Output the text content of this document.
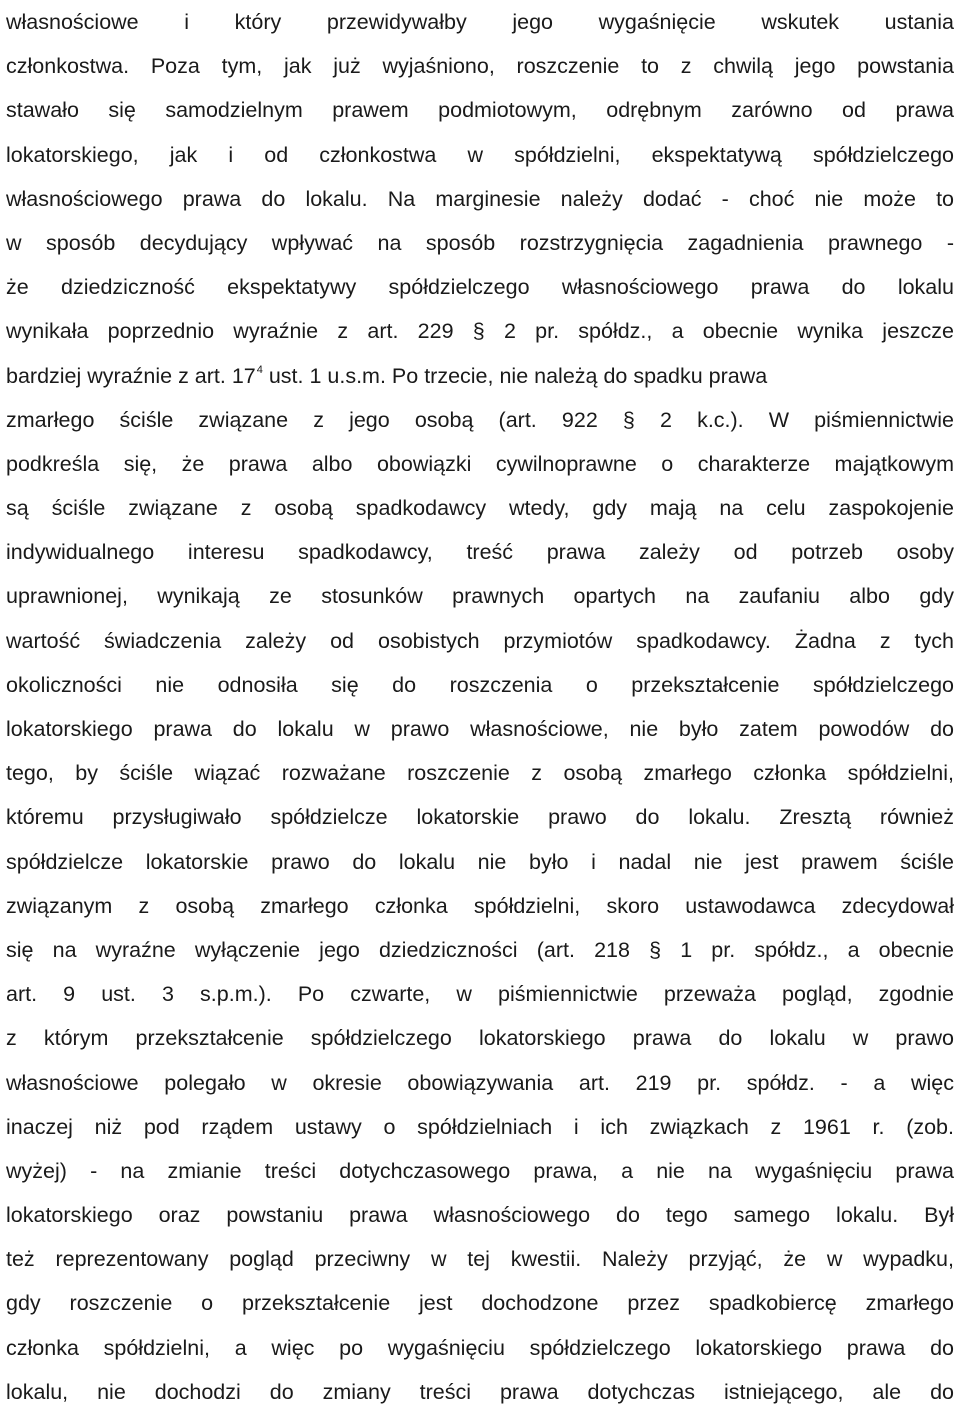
własnościowe i który przewidywałby jego wygaśnięcie wskutek ustania
członkostwa. Poza tym, jak już wyjaśniono, roszczenie to z chwilą jego powstania
stawało się samodzielnym prawem podmiotowym, odrębnym zarówno od prawa
lokatorskiego, jak i od członkostwa w spółdzielni, ekspektatywą spółdzielczego
własnościowego prawa do lokalu. Na marginesie należy dodać - choć nie może to
w sposób decydujący wpływać na sposób rozstrzygnięcia zagadnienia prawnego -
że dziedziczność ekspektatywy spółdzielczego własnościowego prawa do lokalu
wynikała poprzednio wyraźnie z art. 229 § 2 pr. spółdz., a obecnie wynika jeszcze
bardziej wyraźnie z art. $17^4$ ust. 1 u.s.m. Po trzecie, nie należą do spadku prawa
zmarłego ściśle związane z jego osobą (art. 922 § 2 k.c.). W piśmiennictwie
podkreśla się, że prawa albo obowiązki cywilnoprawne o charakterze majątkowym
są ściśle związane z osobą spadkodawcy wtedy, gdy mają na celu zaspokojenie
indywidualnego interesu spadkodawcy, treść prawa zależy od potrzeb osoby
uprawnionej, wynikają ze stosunków prawnych opartych na zaufaniu albo gdy
wartość świadczenia zależy od osobistych przymiotów spadkodawcy. Żadna z tych
okoliczności nie odnosiła się do roszczenia o przekształcenie spółdzielczego
lokatorskiego prawa do lokalu w prawo własnościowe, nie było zatem powodów do
tego, by ściśle wiązać rozważane roszczenie z osobą zmarłego członka spółdzielni,
któremu przysługiwało spółdzielcze lokatorskie prawo do lokalu. Zresztą również
spółdzielcze lokatorskie prawo do lokalu nie było i nadal nie jest prawem ściśle
związanym z osobą zmarłego członka spółdzielni, skoro ustawodawca zdecydował
się na wyraźne wyłączenie jego dziedziczności (art. 218 § 1 pr. spółdz., a obecnie
art. 9 ust. 3 s.p.m.). Po czwarte, w piśmiennictwie przeważa pogląd, zgodnie
z którym przekształcenie spółdzielczego lokatorskiego prawa do lokalu w prawo
własnościowe polegało w okresie obowiązywania art. 219 pr. spółdz. - a więc
inaczej niż pod rządem ustawy o spółdzielniach i ich związkach z 1961 r. (zob.
wyżej) - na zmianie treści dotychczasowego prawa, a nie na wygaśnięciu prawa
lokatorskiego oraz powstaniu prawa własnościowego do tego samego lokalu. Był
też reprezentowany pogląd przeciwny w tej kwestii. Należy przyjąć, że w wypadku,
gdy roszczenie o przekształcenie jest dochodzone przez spadkobiercę zmarłego
członka spółdzielni, a więc po wygaśnięciu spółdzielczego lokatorskiego prawa do
lokalu, nie dochodzi do zmiany treści prawa dotychczas istniejącego, ale do
